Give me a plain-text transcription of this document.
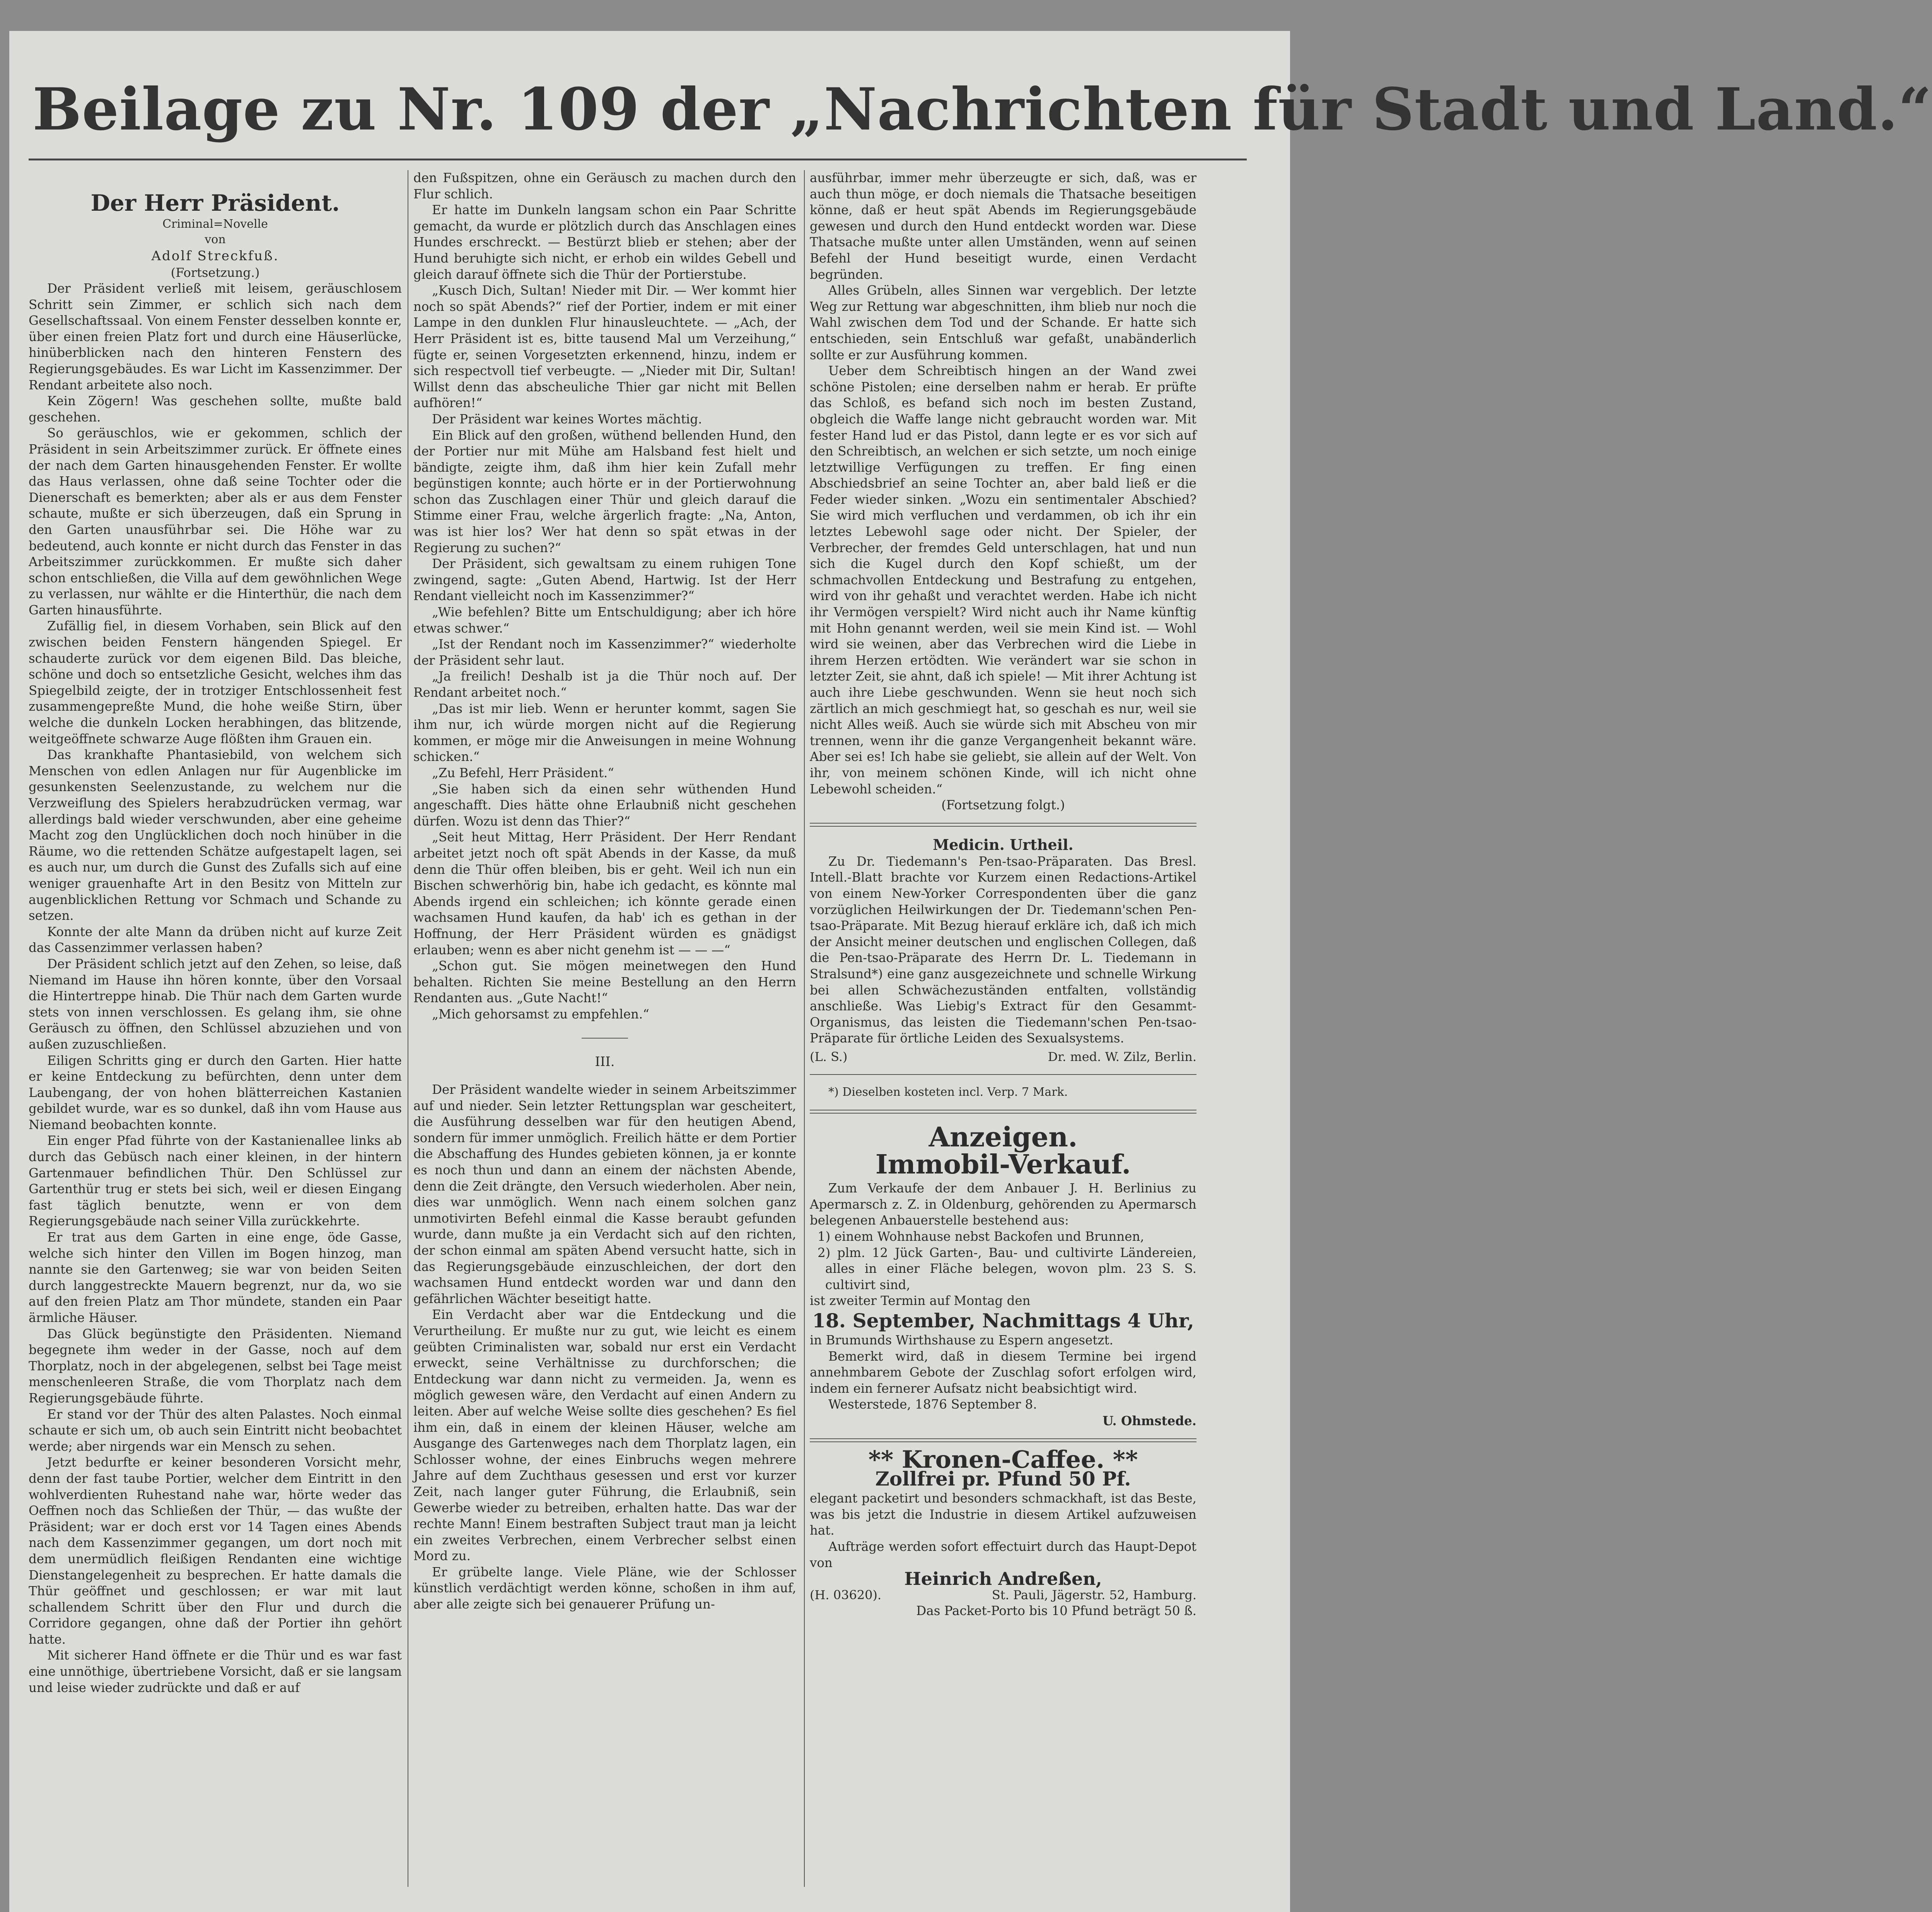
Beilage zu Nr. 109 der „Nachrichten für Stadt und Land.“
Der Herr Präsident.
Criminal=Novelle
von
Adolf Streckfuß.
(Fortsetzung.)

Der Präsident verließ mit leisem, geräuschlosem Schritt sein Zimmer, er schlich sich nach dem Gesellschaftssaal. Von einem Fenster desselben konnte er, über einen freien Platz fort und durch eine Häuserlücke, hinüberblicken nach den hinteren Fenstern des Regierungsgebäudes. Es war Licht im Kassenzimmer. Der Rendant arbeitete also noch.

Kein Zögern! Was geschehen sollte, mußte bald geschehen.

So geräuschlos, wie er gekommen, schlich der Präsident in sein Arbeitszimmer zurück. Er öffnete eines der nach dem Garten hinausgehenden Fenster. Er wollte das Haus verlassen, ohne daß seine Tochter oder die Dienerschaft es bemerkten; aber als er aus dem Fenster schaute, mußte er sich überzeugen, daß ein Sprung in den Garten unausführbar sei. Die Höhe war zu bedeutend, auch konnte er nicht durch das Fenster in das Arbeitszimmer zurückkommen. Er mußte sich daher schon entschließen, die Villa auf dem gewöhnlichen Wege zu verlassen, nur wählte er die Hinterthür, die nach dem Garten hinausführte.

Zufällig fiel, in diesem Vorhaben, sein Blick auf den zwischen beiden Fenstern hängenden Spiegel. Er schauderte zurück vor dem eigenen Bild. Das bleiche, schöne und doch so entsetzliche Gesicht, welches ihm das Spiegelbild zeigte, der in trotziger Entschlossenheit fest zusammengepreßte Mund, die hohe weiße Stirn, über welche die dunkeln Locken herabhingen, das blitzende, weitgeöffnete schwarze Auge flößten ihm Grauen ein.

Das krankhafte Phantasiebild, von welchem sich Menschen von edlen Anlagen nur für Augenblicke im gesunkensten Seelenzustande, zu welchem nur die Verzweiflung des Spielers herabzudrücken vermag, war allerdings bald wieder verschwunden, aber eine geheime Macht zog den Unglücklichen doch noch hinüber in die Räume, wo die rettenden Schätze aufgestapelt lagen, sei es auch nur, um durch die Gunst des Zufalls sich auf eine weniger grauenhafte Art in den Besitz von Mitteln zur augenblicklichen Rettung vor Schmach und Schande zu setzen.

Konnte der alte Mann da drüben nicht auf kurze Zeit das Cassenzimmer verlassen haben?

Der Präsident schlich jetzt auf den Zehen, so leise, daß Niemand im Hause ihn hören konnte, über den Vorsaal die Hintertreppe hinab. Die Thür nach dem Garten wurde stets von innen verschlossen. Es gelang ihm, sie ohne Geräusch zu öffnen, den Schlüssel abzuziehen und von außen zuzuschließen.

Eiligen Schritts ging er durch den Garten. Hier hatte er keine Entdeckung zu befürchten, denn unter dem Laubengang, der von hohen blätterreichen Kastanien gebildet wurde, war es so dunkel, daß ihn vom Hause aus Niemand beobachten konnte.

Ein enger Pfad führte von der Kastanienallee links ab durch das Gebüsch nach einer kleinen, in der hintern Gartenmauer befindlichen Thür. Den Schlüssel zur Gartenthür trug er stets bei sich, weil er diesen Eingang fast täglich benutzte, wenn er von dem Regierungsgebäude nach seiner Villa zurückkehrte.

Er trat aus dem Garten in eine enge, öde Gasse, welche sich hinter den Villen im Bogen hinzog, man nannte sie den Gartenweg; sie war von beiden Seiten durch langgestreckte Mauern begrenzt, nur da, wo sie auf den freien Platz am Thor mündete, standen ein Paar ärmliche Häuser.

Das Glück begünstigte den Präsidenten. Niemand begegnete ihm weder in der Gasse, noch auf dem Thorplatz, noch in der abgelegenen, selbst bei Tage meist menschenleeren Straße, die vom Thorplatz nach dem Regierungsgebäude führte.

Er stand vor der Thür des alten Palastes. Noch einmal schaute er sich um, ob auch sein Eintritt nicht beobachtet werde; aber nirgends war ein Mensch zu sehen.

Jetzt bedurfte er keiner besonderen Vorsicht mehr, denn der fast taube Portier, welcher dem Eintritt in den wohlverdienten Ruhestand nahe war, hörte weder das Oeffnen noch das Schließen der Thür, — das wußte der Präsident; war er doch erst vor 14 Tagen eines Abends nach dem Kassenzimmer gegangen, um dort noch mit dem unermüdlich fleißigen Rendanten eine wichtige Dienstangelegenheit zu besprechen. Er hatte damals die Thür geöffnet und geschlossen; er war mit laut schallendem Schritt über den Flur und durch die Corridore gegangen, ohne daß der Portier ihn gehört hatte.

Mit sicherer Hand öffnete er die Thür und es war fast eine unnöthige, übertriebene Vorsicht, daß er sie langsam und leise wieder zudrückte und daß er auf

den Fußspitzen, ohne ein Geräusch zu machen durch den Flur schlich.

Er hatte im Dunkeln langsam schon ein Paar Schritte gemacht, da wurde er plötzlich durch das Anschlagen eines Hundes erschreckt. — Bestürzt blieb er stehen; aber der Hund beruhigte sich nicht, er erhob ein wildes Gebell und gleich darauf öffnete sich die Thür der Portierstube.

„Kusch Dich, Sultan! Nieder mit Dir. — Wer kommt hier noch so spät Abends?“ rief der Portier, indem er mit einer Lampe in den dunklen Flur hinausleuchtete. — „Ach, der Herr Präsident ist es, bitte tausend Mal um Verzeihung,“ fügte er, seinen Vorgesetzten erkennend, hinzu, indem er sich respectvoll tief verbeugte. — „Nieder mit Dir, Sultan! Willst denn das abscheuliche Thier gar nicht mit Bellen aufhören!“

Der Präsident war keines Wortes mächtig.

Ein Blick auf den großen, wüthend bellenden Hund, den der Portier nur mit Mühe am Halsband fest hielt und bändigte, zeigte ihm, daß ihm hier kein Zufall mehr begünstigen konnte; auch hörte er in der Portierwohnung schon das Zuschlagen einer Thür und gleich darauf die Stimme einer Frau, welche ärgerlich fragte: „Na, Anton, was ist hier los? Wer hat denn so spät etwas in der Regierung zu suchen?“

Der Präsident, sich gewaltsam zu einem ruhigen Tone zwingend, sagte: „Guten Abend, Hartwig. Ist der Herr Rendant vielleicht noch im Kassenzimmer?“

„Wie befehlen? Bitte um Entschuldigung; aber ich höre etwas schwer.“

„Ist der Rendant noch im Kassenzimmer?“ wiederholte der Präsident sehr laut.

„Ja freilich! Deshalb ist ja die Thür noch auf. Der Rendant arbeitet noch.“

„Das ist mir lieb. Wenn er herunter kommt, sagen Sie ihm nur, ich würde morgen nicht auf die Regierung kommen, er möge mir die Anweisungen in meine Wohnung schicken.“

„Zu Befehl, Herr Präsident.“

„Sie haben sich da einen sehr wüthenden Hund angeschafft. Dies hätte ohne Erlaubniß nicht geschehen dürfen. Wozu ist denn das Thier?“

„Seit heut Mittag, Herr Präsident. Der Herr Rendant arbeitet jetzt noch oft spät Abends in der Kasse, da muß denn die Thür offen bleiben, bis er geht. Weil ich nun ein Bischen schwerhörig bin, habe ich gedacht, es könnte mal Abends irgend ein schleichen; ich könnte gerade einen wachsamen Hund kaufen, da hab' ich es gethan in der Hoffnung, der Herr Präsident würden es gnädigst erlauben; wenn es aber nicht genehm ist — — —“

„Schon gut. Sie mögen meinetwegen den Hund behalten. Richten Sie meine Bestellung an den Herrn Rendanten aus. „Gute Nacht!“

„Mich gehorsamst zu empfehlen.“

III.

Der Präsident wandelte wieder in seinem Arbeitszimmer auf und nieder. Sein letzter Rettungsplan war gescheitert, die Ausführung desselben war für den heutigen Abend, sondern für immer unmöglich. Freilich hätte er dem Portier die Abschaffung des Hundes gebieten können, ja er konnte es noch thun und dann an einem der nächsten Abende, denn die Zeit drängte, den Versuch wiederholen. Aber nein, dies war unmöglich. Wenn nach einem solchen ganz unmotivirten Befehl einmal die Kasse beraubt gefunden wurde, dann mußte ja ein Verdacht sich auf den richten, der schon einmal am späten Abend versucht hatte, sich in das Regierungsgebäude einzuschleichen, der dort den wachsamen Hund entdeckt worden war und dann den gefährlichen Wächter beseitigt hatte.

Ein Verdacht aber war die Entdeckung und die Verurtheilung. Er mußte nur zu gut, wie leicht es einem geübten Criminalisten war, sobald nur erst ein Verdacht erweckt, seine Verhältnisse zu durchforschen; die Entdeckung war dann nicht zu vermeiden. Ja, wenn es möglich gewesen wäre, den Verdacht auf einen Andern zu leiten. Aber auf welche Weise sollte dies geschehen? Es fiel ihm ein, daß in einem der kleinen Häuser, welche am Ausgange des Gartenweges nach dem Thorplatz lagen, ein Schlosser wohne, der eines Einbruchs wegen mehrere Jahre auf dem Zuchthaus gesessen und erst vor kurzer Zeit, nach langer guter Führung, die Erlaubniß, sein Gewerbe wieder zu betreiben, erhalten hatte. Das war der rechte Mann! Einem bestraften Subject traut man ja leicht ein zweites Verbrechen, einem Verbrecher selbst einen Mord zu.

Er grübelte lange. Viele Pläne, wie der Schlosser künstlich verdächtigt werden könne, schoßen in ihm auf, aber alle zeigte sich bei genauerer Prüfung un-

ausführbar, immer mehr überzeugte er sich, daß, was er auch thun möge, er doch niemals die Thatsache beseitigen könne, daß er heut spät Abends im Regierungsgebäude gewesen und durch den Hund entdeckt worden war. Diese Thatsache mußte unter allen Umständen, wenn auf seinen Befehl der Hund beseitigt wurde, einen Verdacht begründen.

Alles Grübeln, alles Sinnen war vergeblich. Der letzte Weg zur Rettung war abgeschnitten, ihm blieb nur noch die Wahl zwischen dem Tod und der Schande. Er hatte sich entschieden, sein Entschluß war gefaßt, unabänderlich sollte er zur Ausführung kommen.

Ueber dem Schreibtisch hingen an der Wand zwei schöne Pistolen; eine derselben nahm er herab. Er prüfte das Schloß, es befand sich noch im besten Zustand, obgleich die Waffe lange nicht gebraucht worden war. Mit fester Hand lud er das Pistol, dann legte er es vor sich auf den Schreibtisch, an welchen er sich setzte, um noch einige letztwillige Verfügungen zu treffen. Er fing einen Abschiedsbrief an seine Tochter an, aber bald ließ er die Feder wieder sinken. „Wozu ein sentimentaler Abschied? Sie wird mich verfluchen und verdammen, ob ich ihr ein letztes Lebewohl sage oder nicht. Der Spieler, der Verbrecher, der fremdes Geld unterschlagen, hat und nun sich die Kugel durch den Kopf schießt, um der schmachvollen Entdeckung und Bestrafung zu entgehen, wird von ihr gehaßt und verachtet werden. Habe ich nicht ihr Vermögen verspielt? Wird nicht auch ihr Name künftig mit Hohn genannt werden, weil sie mein Kind ist. — Wohl wird sie weinen, aber das Verbrechen wird die Liebe in ihrem Herzen ertödten. Wie verändert war sie schon in letzter Zeit, sie ahnt, daß ich spiele! — Mit ihrer Achtung ist auch ihre Liebe geschwunden. Wenn sie heut noch sich zärtlich an mich geschmiegt hat, so geschah es nur, weil sie nicht Alles weiß. Auch sie würde sich mit Abscheu von mir trennen, wenn ihr die ganze Vergangenheit bekannt wäre. Aber sei es! Ich habe sie geliebt, sie allein auf der Welt. Von ihr, von meinem schönen Kinde, will ich nicht ohne Lebewohl scheiden.“

(Fortsetzung folgt.)
Medicin. Urtheil.

Zu Dr. Tiedemann's Pen-tsao-Präparaten. Das Bresl. Intell.-Blatt brachte vor Kurzem einen Redactions-Artikel von einem New-Yorker Correspondenten über die ganz vorzüglichen Heilwirkungen der Dr. Tiedemann'schen Pen-tsao-Präparate. Mit Bezug hierauf erkläre ich, daß ich mich der Ansicht meiner deutschen und englischen Collegen, daß die Pen-tsao-Präparate des Herrn Dr. L. Tiedemann in Stralsund*) eine ganz ausgezeichnete und schnelle Wirkung bei allen Schwächezuständen entfalten, vollständig anschließe. Was Liebig's Extract für den Gesammt-Organismus, das leisten die Tiedemann'schen Pen-tsao-Präparate für örtliche Leiden des Sexualsystems.

(L. S.)	Dr. med. W. Zilz, Berlin.
*) Dieselben kosteten incl. Verp. 7 Mark.
Anzeigen.
Immobil-Verkauf.

Zum Verkaufe der dem Anbauer J. H. Berlinius zu Apermarsch z. Z. in Oldenburg, gehörenden zu Apermarsch belegenen Anbauerstelle bestehend aus:

1) einem Wohnhause nebst Backofen und Brunnen,
2) plm. 12 Jück Garten-, Bau- und cultivirte Ländereien, alles in einer Fläche belegen, wovon plm. 23 S. S. cultivirt sind,
ist zweiter Termin auf Montag den
18. September, Nachmittags 4 Uhr,
in Brumunds Wirthshause zu Espern angesetzt.

Bemerkt wird, daß in diesem Termine bei irgend annehmbarem Gebote der Zuschlag sofort erfolgen wird, indem ein fernerer Aufsatz nicht beabsichtigt wird.

Westerstede, 1876 September 8.

U. Ohmstede.
** Kronen-Caffee. **
Zollfrei pr. Pfund 50 Pf.
elegant packetirt und besonders schmackhaft, ist das Beste, was bis jetzt die Industrie in diesem Artikel aufzuweisen hat.

Aufträge werden sofort effectuirt durch das Haupt-Depot von

Heinrich Andreßen,
(H. 03620).	St. Pauli, Jägerstr. 52, Hamburg.
Das Packet-Porto bis 10 Pfund beträgt 50 ß.
